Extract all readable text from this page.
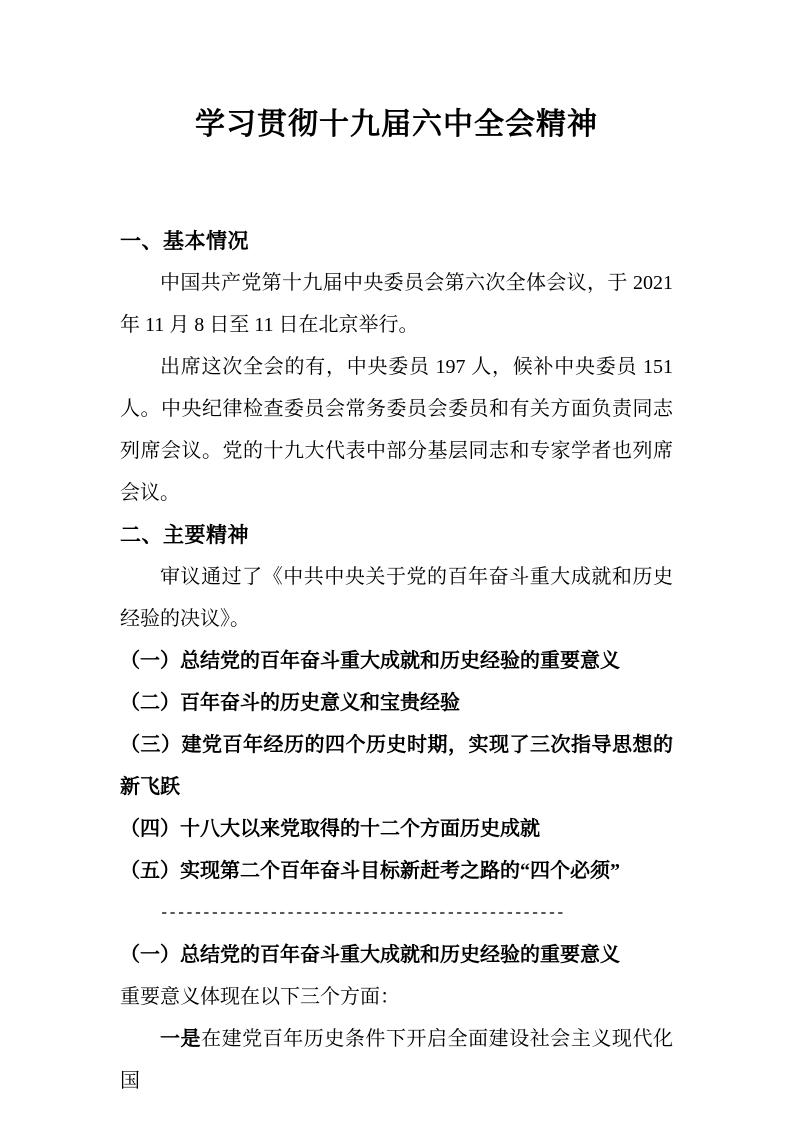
学习贯彻十九届六中全会精神
一、基本情况

中国共产党第十九届中央委员会第六次全体会议，于 2021 年 11 月 8 日至 11 日在北京举行。

出席这次全会的有，中央委员 197 人，候补中央委员 151 人。中央纪律检查委员会常务委员会委员和有关方面负责同志列席会议。党的十九大代表中部分基层同志和专家学者也列席会议。

二、主要精神

审议通过了《中共中央关于党的百年奋斗重大成就和历史经验的决议》。

（一）总结党的百年奋斗重大成就和历史经验的重要意义

（二）百年奋斗的历史意义和宝贵经验

（三）建党百年经历的四个历史时期，实现了三次指导思想的新飞跃

（四）十八大以来党取得的十二个方面历史成就

（五）实现第二个百年奋斗目标新赶考之路的“四个必须”

------------------------------------------------

（一）总结党的百年奋斗重大成就和历史经验的重要意义

重要意义体现在以下三个方面：

一是在建党百年历史条件下开启全面建设社会主义现代化国
